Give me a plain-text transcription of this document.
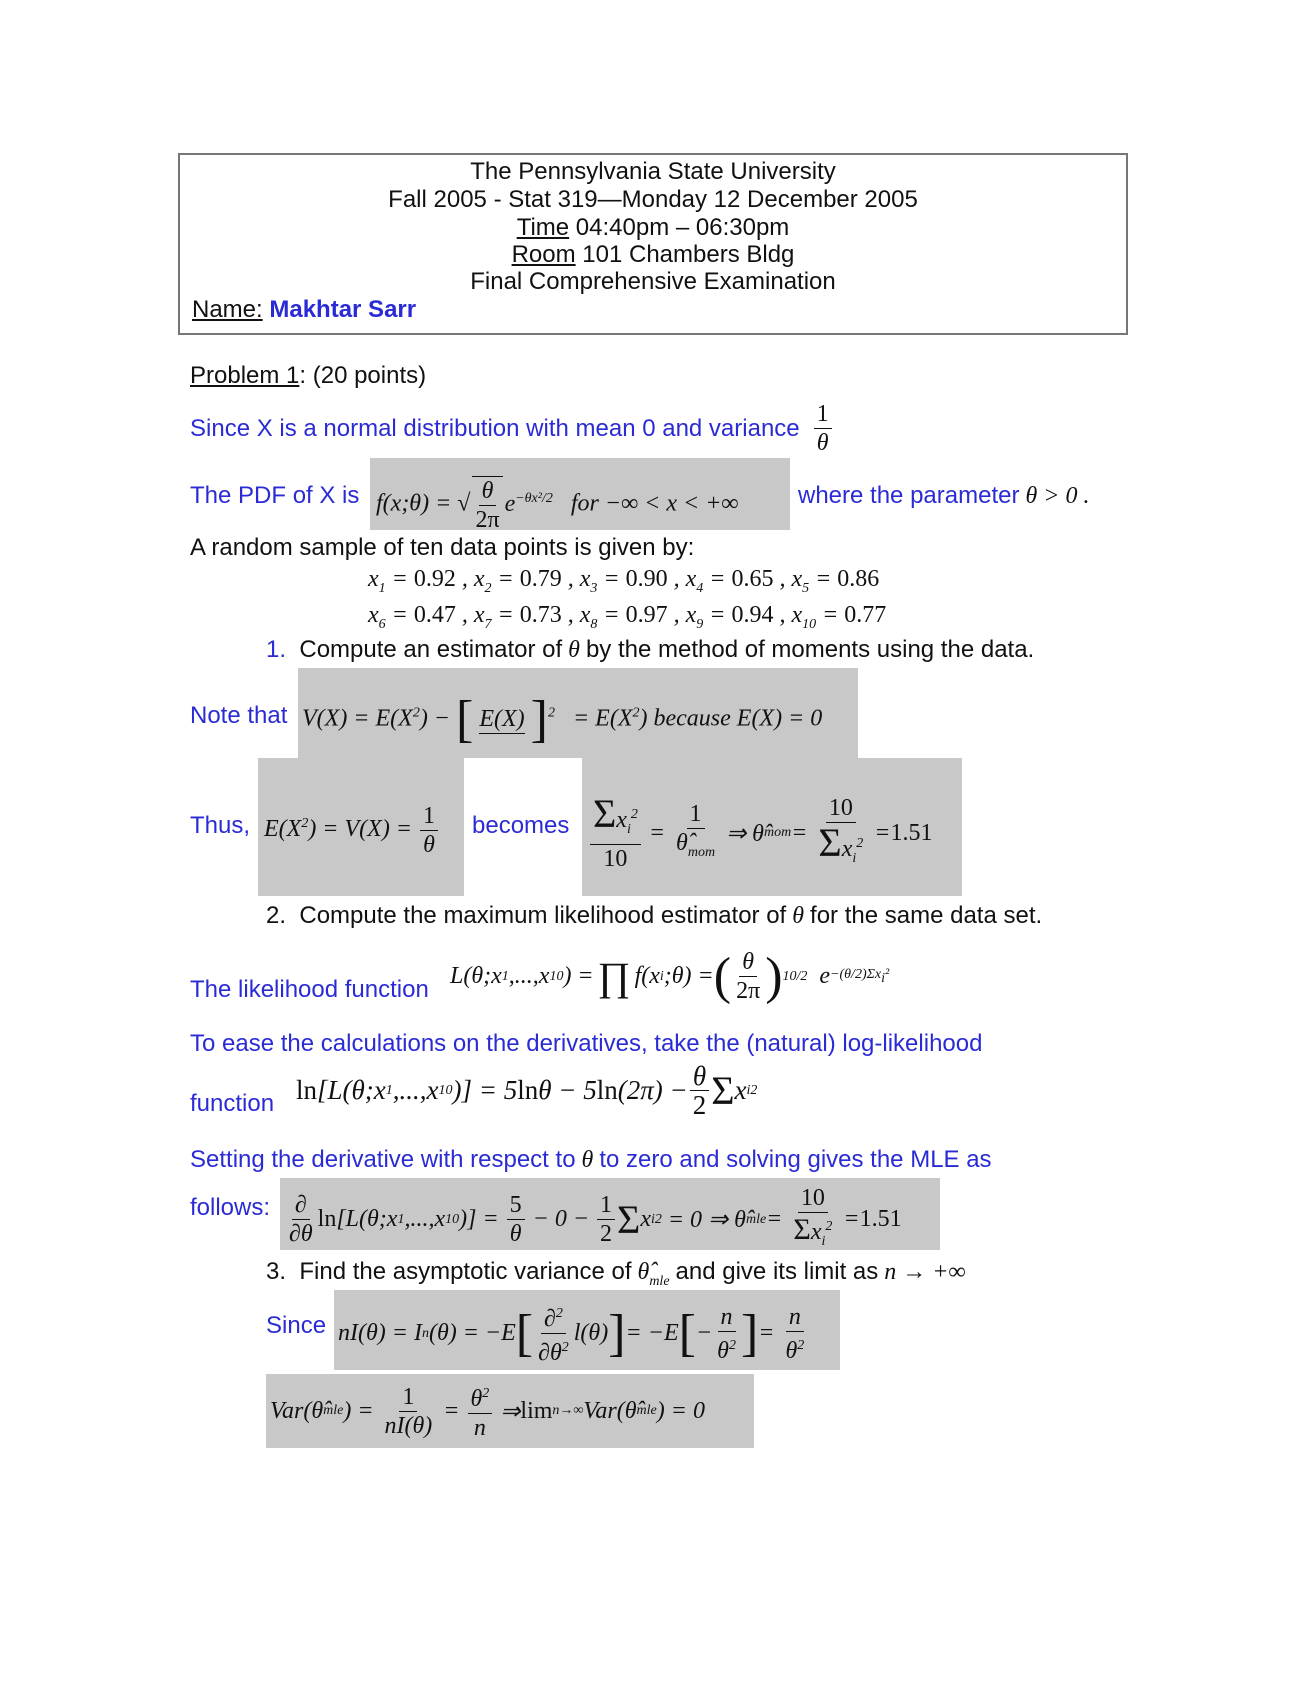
The Pennsylvania State University
Fall 2005 - Stat 319—Monday 12 December 2005
Time 04:40pm – 06:30pm
Room 101 Chambers Bldg
Final Comprehensive Examination
Name: Makhtar Sarr
Problem 1: (20 points)
Since X is a normal distribution with mean 0 and variance $\frac{1}{\theta}$
The PDF of X is f(x;θ) = √ $\frac{\theta}{2\pi} e^{-\theta x^2/2}$   for −∞ < x < +∞ where the parameter θ > 0 .
A random sample of ten data points is given by:
$x_1 = 0.92$ , $x_2 = 0.79$ , $x_3 = 0.90$ , $x_4 = 0.65$ , $x_5 = 0.86$
$x_6 = 0.47$ , $x_7 = 0.73$ , $x_8 = 0.97$ , $x_9 = 0.94$ , $x_{10} = 0.77$
1. Compute an estimator of θ by the method of moments using the data.
Note that $V(X) = E(X^2)$ − [ E(X) ]$^2 = E(X^2)$ because E(X) = 0
Thus, $E(X^2) = V(X) = \frac{1}{\theta}$ becomes $\frac{\Sigma x_i^2}{10} = \frac{1}{\thetâ_{mom}}$ ⇒ θ̂ mom = $\frac{10}{\Sigma x_i^2} = 1.51$
2. Compute the maximum likelihood estimator of θ for the same data set.
The likelihood function L(θ;x 1 ,...,x 10 ) = ∏ f(x i ;θ) = ( $\frac{\theta}{2\pi}$ ) 10/2 $e -(\theta/2)\Sigma x_i^2$
To ease the calculations on the derivatives, take the (natural) log-likelihood
function ln [L(θ;x 1 ,...,x 10 )] = 5 ln θ − 5 $\ln (2\pi) - \frac{\theta}{2}$ Σ x i 2
Setting the derivative with respect to θ to zero and solving gives the MLE as
follows: $\frac{\partial}{\partial\theta}$ ln [L(θ;x 1 ,...,x 10 )] = $\frac{5}{\theta} - 0 - \frac{1}{2}$ Σ x i 2 = 0 ⇒ θ̂ mle = $\frac{10}{\Sigma x_i^2} = 1.51$
3. Find the asymptotic variance of $\thetâ_{mle}$ and give its limit as n → +∞
Since nI(θ) = I n (θ) = −E [ $\frac{\partial^2}{\partial\theta^2} l(\theta)$ ] = −E [ − $\frac{n}{\theta^2}$ ] = $\frac{n}{\theta^2}$
Var(θ̂ mle ) = $\frac{1}{nI(\theta)} = \frac{\theta^2}{n}$ ⇒ lim n→∞ Var(θ̂ mle ) = 0
